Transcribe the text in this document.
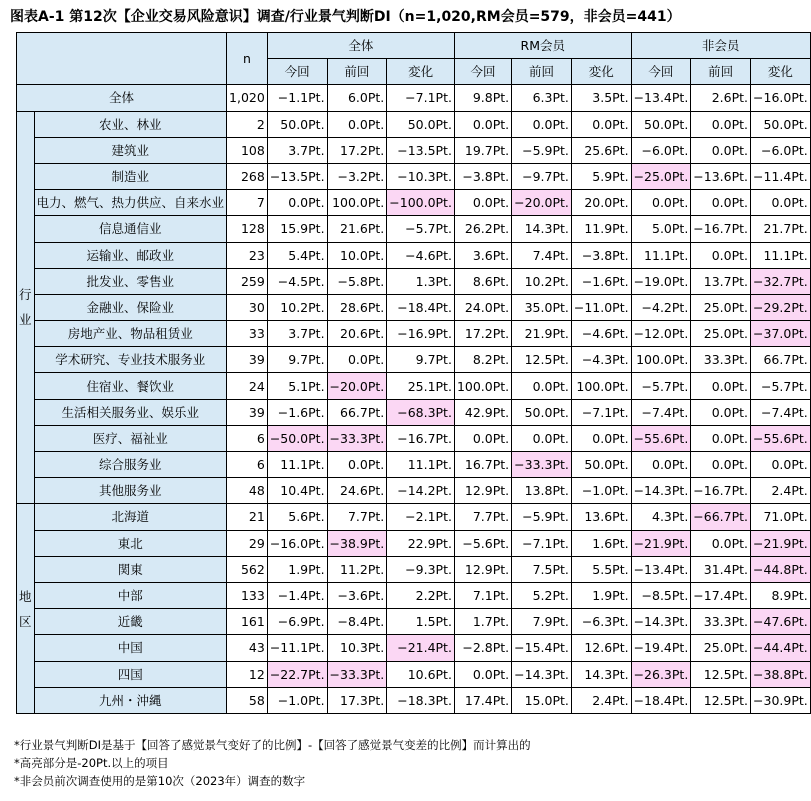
图表A-1 第12次【企业交易风险意识】调查/行业景气判断DI（n=1,020,RM会员=579，非会员=441）
		n	全体			RM会员			非会员		
			今回	前回	変化	今回	前回	変化	今回	前回	変化
全体		1,020	−1.1Pt.	6.0Pt.	−7.1Pt.	9.8Pt.	6.3Pt.	3.5Pt.	−13.4Pt.	2.6Pt.	−16.0Pt.

行
业	农业、林业	2	50.0Pt.	0.0Pt.	50.0Pt.	0.0Pt.	0.0Pt.	0.0Pt.	50.0Pt.	0.0Pt.	50.0Pt.
	建筑业	108	3.7Pt.	17.2Pt.	−13.5Pt.	19.7Pt.	−5.9Pt.	25.6Pt.	−6.0Pt.	0.0Pt.	−6.0Pt.
	制造业	268	−13.5Pt.	−3.2Pt.	−10.3Pt.	−3.8Pt.	−9.7Pt.	5.9Pt.	−25.0Pt.	−13.6Pt.	−11.4Pt.
	电力、燃气、热力供应、自来水业	7	0.0Pt.	100.0Pt.	−100.0Pt.	0.0Pt.	−20.0Pt.	20.0Pt.	0.0Pt.	0.0Pt.	0.0Pt.
	信息通信业	128	15.9Pt.	21.6Pt.	−5.7Pt.	26.2Pt.	14.3Pt.	11.9Pt.	5.0Pt.	−16.7Pt.	21.7Pt.
	运输业、邮政业	23	5.4Pt.	10.0Pt.	−4.6Pt.	3.6Pt.	7.4Pt.	−3.8Pt.	11.1Pt.	0.0Pt.	11.1Pt.
	批发业、零售业	259	−4.5Pt.	−5.8Pt.	1.3Pt.	8.6Pt.	10.2Pt.	−1.6Pt.	−19.0Pt.	13.7Pt.	−32.7Pt.
	金融业、保险业	30	10.2Pt.	28.6Pt.	−18.4Pt.	24.0Pt.	35.0Pt.	−11.0Pt.	−4.2Pt.	25.0Pt.	−29.2Pt.
	房地产业、物品租赁业	33	3.7Pt.	20.6Pt.	−16.9Pt.	17.2Pt.	21.9Pt.	−4.6Pt.	−12.0Pt.	25.0Pt.	−37.0Pt.
	学术研究、专业技术服务业	39	9.7Pt.	0.0Pt.	9.7Pt.	8.2Pt.	12.5Pt.	−4.3Pt.	100.0Pt.	33.3Pt.	66.7Pt.
	住宿业、餐饮业	24	5.1Pt.	−20.0Pt.	25.1Pt.	100.0Pt.	0.0Pt.	100.0Pt.	−5.7Pt.	0.0Pt.	−5.7Pt.
	生活相关服务业、娱乐业	39	−1.6Pt.	66.7Pt.	−68.3Pt.	42.9Pt.	50.0Pt.	−7.1Pt.	−7.4Pt.	0.0Pt.	−7.4Pt.
	医疗、福祉业	6	−50.0Pt.	−33.3Pt.	−16.7Pt.	0.0Pt.	0.0Pt.	0.0Pt.	−55.6Pt.	0.0Pt.	−55.6Pt.
	综合服务业	6	11.1Pt.	0.0Pt.	11.1Pt.	16.7Pt.	−33.3Pt.	50.0Pt.	0.0Pt.	0.0Pt.	0.0Pt.
	其他服务业	48	10.4Pt.	24.6Pt.	−14.2Pt.	12.9Pt.	13.8Pt.	−1.0Pt.	−14.3Pt.	−16.7Pt.	2.4Pt.

地
区	北海道	21	5.6Pt.	7.7Pt.	−2.1Pt.	7.7Pt.	−5.9Pt.	13.6Pt.	4.3Pt.	−66.7Pt.	71.0Pt.
	東北	29	−16.0Pt.	−38.9Pt.	22.9Pt.	−5.6Pt.	−7.1Pt.	1.6Pt.	−21.9Pt.	0.0Pt.	−21.9Pt.
	関東	562	1.9Pt.	11.2Pt.	−9.3Pt.	12.9Pt.	7.5Pt.	5.5Pt.	−13.4Pt.	31.4Pt.	−44.8Pt.
	中部	133	−1.4Pt.	−3.6Pt.	2.2Pt.	7.1Pt.	5.2Pt.	1.9Pt.	−8.5Pt.	−17.4Pt.	8.9Pt.
	近畿	161	−6.9Pt.	−8.4Pt.	1.5Pt.	1.7Pt.	7.9Pt.	−6.3Pt.	−14.3Pt.	33.3Pt.	−47.6Pt.
	中国	43	−11.1Pt.	10.3Pt.	−21.4Pt.	−2.8Pt.	−15.4Pt.	12.6Pt.	−19.4Pt.	25.0Pt.	−44.4Pt.
	四国	12	−22.7Pt.	−33.3Pt.	10.6Pt.	0.0Pt.	−14.3Pt.	14.3Pt.	−26.3Pt.	12.5Pt.	−38.8Pt.
	九州・沖縄	58	−1.0Pt.	17.3Pt.	−18.3Pt.	17.4Pt.	15.0Pt.	2.4Pt.	−18.4Pt.	12.5Pt.	−30.9Pt.
*行业景气判断DI是基于【回答了感觉景气变好了的比例】-【回答了感觉景气变差的比例】而计算出的
*高亮部分是-20Pt.以上的项目
*非会员前次调查使用的是第10次（2023年）调查的数字
